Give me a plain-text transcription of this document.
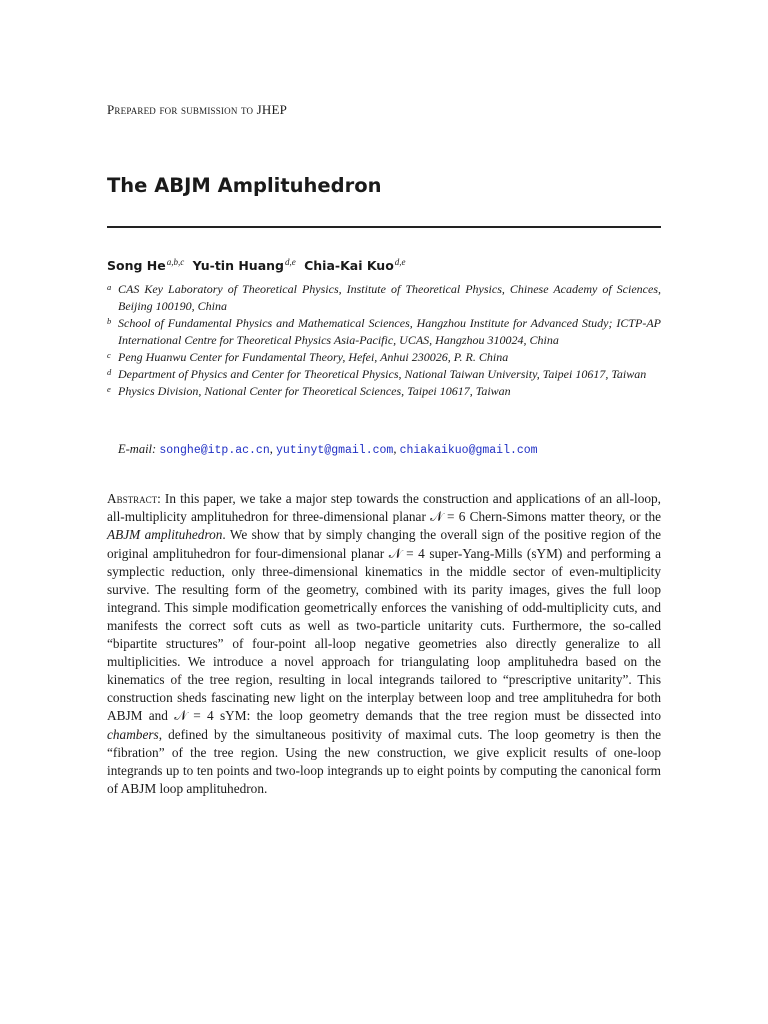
Prepared for submission to JHEP
The ABJM Amplituhedron
Song He$^{a,b,c}$ Yu-tin Huang$^{d,e}$ Chia-Kai Kuo$^{d,e}$
a CAS Key Laboratory of Theoretical Physics, Institute of Theoretical Physics, Chinese Academy of Sciences, Beijing 100190, China
b School of Fundamental Physics and Mathematical Sciences, Hangzhou Institute for Advanced Study; ICTP-AP International Centre for Theoretical Physics Asia-Pacific, UCAS, Hangzhou 310024, China
c Peng Huanwu Center for Fundamental Theory, Hefei, Anhui 230026, P. R. China
d Department of Physics and Center for Theoretical Physics, National Taiwan University, Taipei 10617, Taiwan
e Physics Division, National Center for Theoretical Sciences, Taipei 10617, Taiwan
E-mail: songhe@itp.ac.cn, yutinyt@gmail.com, chiakaikuo@gmail.com

Abstract: In this paper, we take a major step towards the construction and applications of an all-loop, all-multiplicity amplituhedron for three-dimensional planar 𝒩 = 6 Chern-Simons matter theory, or the ABJM amplituhedron. We show that by simply changing the overall sign of the positive region of the original amplituhedron for four-dimensional planar 𝒩 = 4 super-Yang-Mills (sYM) and performing a symplectic reduction, only three-dimensional kinematics in the middle sector of even-multiplicity survive. The resulting form of the geometry, combined with its parity images, gives the full loop integrand. This simple modification geometrically enforces the vanishing of odd-multiplicity cuts, and manifests the correct soft cuts as well as two-particle unitarity cuts. Furthermore, the so-called “bipartite structures” of four-point all-loop negative geometries also directly generalize to all multiplicities. We introduce a novel approach for triangulating loop amplituhedra based on the kinematics of the tree region, resulting in local integrands tailored to “prescriptive unitarity”. This construction sheds fascinating new light on the interplay between loop and tree amplituhedra for both ABJM and 𝒩 = 4 sYM: the loop geometry demands that the tree region must be dissected into chambers, defined by the simultaneous positivity of maximal cuts. The loop geometry is then the “fibration” of the tree region. Using the new construction, we give explicit results of one-loop integrands up to ten points and two-loop integrands up to eight points by computing the canonical form of ABJM loop amplituhedron.
